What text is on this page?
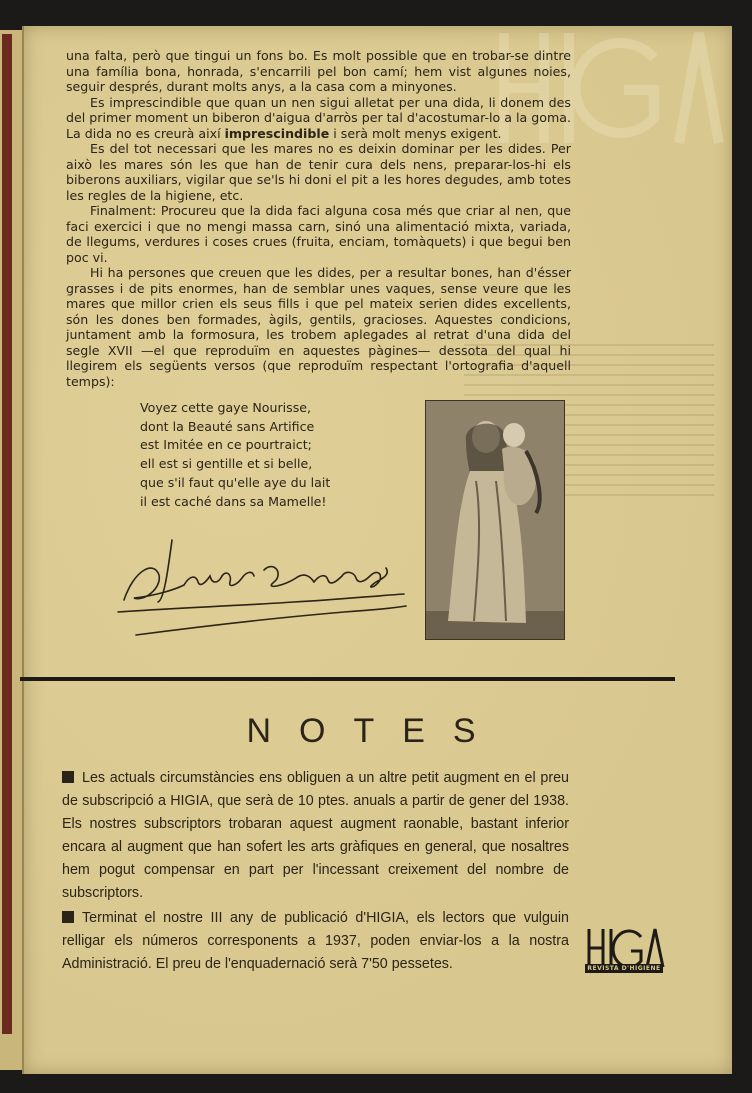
una falta, però que tingui un fons bo. Es molt possible que en trobar-se dintre una família bona, honrada, s'encarrili pel bon camí; hem vist algunes noies, seguir després, durant molts anys, a la casa com a minyones.

Es imprescindible que quan un nen sigui alletat per una dida, li donem des del primer moment un biberon d'aigua d'arròs per tal d'acostumar-lo a la goma. La dida no es creurà així imprescindible i serà molt menys exigent.

Es del tot necessari que les mares no es deixin dominar per les dides. Per això les mares són les que han de tenir cura dels nens, preparar-los-hi els biberons auxiliars, vigilar que se'ls hi doni el pit a les hores degudes, amb totes les regles de la higiene, etc.

Finalment: Procureu que la dida faci alguna cosa més que criar al nen, que faci exercici i que no mengi massa carn, sinó una alimentació mixta, variada, de llegums, verdures i coses crues (fruita, enciam, tomàquets) i que begui ben poc vi.

Hi ha persones que creuen que les dides, per a resultar bones, han d'ésser grasses i de pits enormes, han de semblar unes vaques, sense veure que les mares que millor crien els seus fills i que pel mateix serien dides excellents, són les dones ben formades, àgils, gentils, gracioses. Aquestes condicions, juntament amb la formosura, les trobem aplegades al retrat d'una dida del segle XVII —el que reproduïm en aquestes pàgines— dessota del qual hi llegirem els següents versos (que reproduïm respectant l'ortografia d'aquell temps):

Voyez cette gaye Nourisse,
dont la Beauté sans Artifice
est Imitée en ce pourtraict;
ell est si gentille et si belle,
que s'il faut qu'elle aye du lait
il est caché dans sa Mamelle!
NOTES
Les actuals circumstàncies ens obliguen a un altre petit augment en el preu de subscripció a HIGIA, que serà de 10 ptes. anuals a partir de gener del 1938. Els nostres subscriptors trobaran aquest augment raonable, bastant inferior encara al augment que han sofert les arts gràfiques en general, que nosaltres hem pogut compensar en part per l'incessant creixement del nombre de subscriptors.
Terminat el nostre III any de publicació d'HIGIA, els lectors que vulguin relligar els números corresponents a 1937, poden enviar-los a la nostra Administració. El preu de l'enquadernació serà 7'50 pessetes.	REVISTA D'HIGIENE
